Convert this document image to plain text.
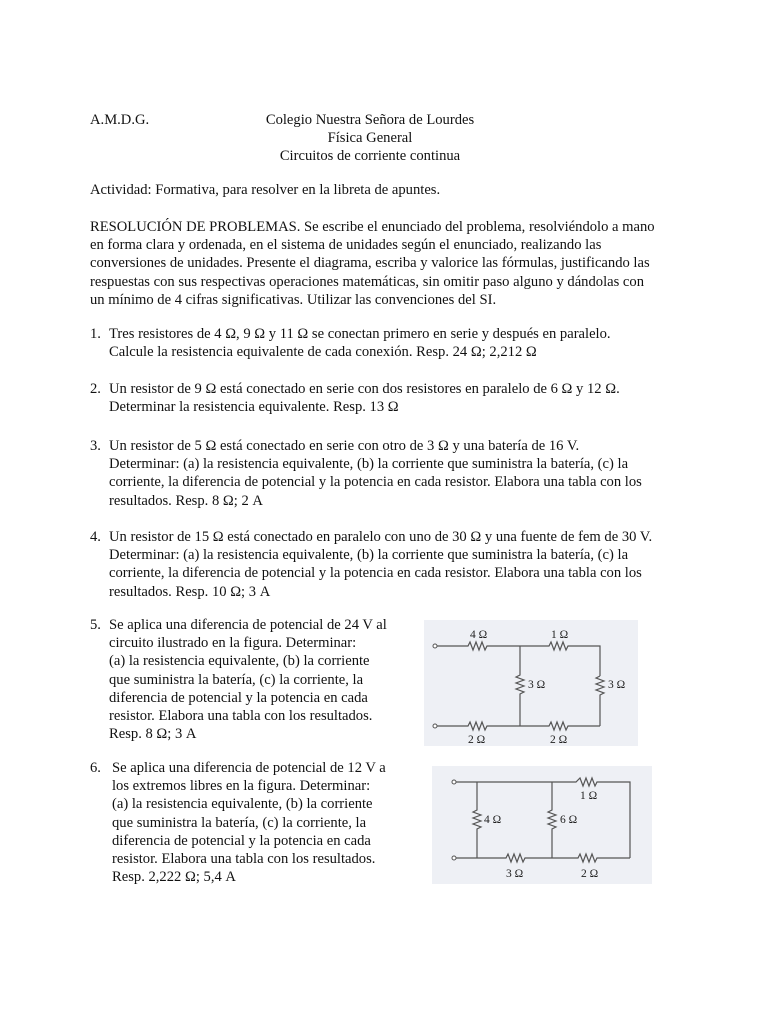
A.M.D.G.	Colegio Nuestra Señora de Lourdes
Física General
Circuitos de corriente continua
Actividad: Formativa, para resolver en la libreta de apuntes.
RESOLUCIÓN DE PROBLEMAS. Se escribe el enunciado del problema, resolviéndolo a mano
en forma clara y ordenada, en el sistema de unidades según el enunciado, realizando las
conversiones de unidades. Presente el diagrama, escriba y valorice las fórmulas, justificando las
respuestas con sus respectivas operaciones matemáticas, sin omitir paso alguno y dándolas con
un mínimo de 4 cifras significativas. Utilizar las convenciones del SI.
1. Tres resistores de 4 Ω, 9 Ω y 11 Ω se conectan primero en serie y después en paralelo.
Calcule la resistencia equivalente de cada conexión. Resp. 24 Ω; 2,212 Ω
2. Un resistor de 9 Ω está conectado en serie con dos resistores en paralelo de 6 Ω y 12 Ω.
Determinar la resistencia equivalente. Resp. 13 Ω
3. Un resistor de 5 Ω está conectado en serie con otro de 3 Ω y una batería de 16 V.
Determinar: (a) la resistencia equivalente, (b) la corriente que suministra la batería, (c) la
corriente, la diferencia de potencial y la potencia en cada resistor. Elabora una tabla con los
resultados. Resp. 8 Ω; 2 A
4. Un resistor de 15 Ω está conectado en paralelo con uno de 30 Ω y una fuente de fem de 30 V.
Determinar: (a) la resistencia equivalente, (b) la corriente que suministra la batería, (c) la
corriente, la diferencia de potencial y la potencia en cada resistor. Elabora una tabla con los
resultados. Resp. 10 Ω; 3 A
5. Se aplica una diferencia de potencial de 24 V al
circuito ilustrado en la figura. Determinar:
(a) la resistencia equivalente, (b) la corriente
que suministra la batería, (c) la corriente, la
diferencia de potencial y la potencia en cada
resistor. Elabora una tabla con los resultados.
Resp. 8 Ω; 3 A
6. Se aplica una diferencia de potencial de 12 V a
los extremos libres en la figura. Determinar:
(a) la resistencia equivalente, (b) la corriente
que suministra la batería, (c) la corriente, la
diferencia de potencial y la potencia en cada
resistor. Elabora una tabla con los resultados.
Resp. 2,222 Ω; 5,4 A
4 Ω	1 Ω
3 Ω	3 Ω
2 Ω	2 Ω
1 Ω
4 Ω	6 Ω
3 Ω	2 Ω
